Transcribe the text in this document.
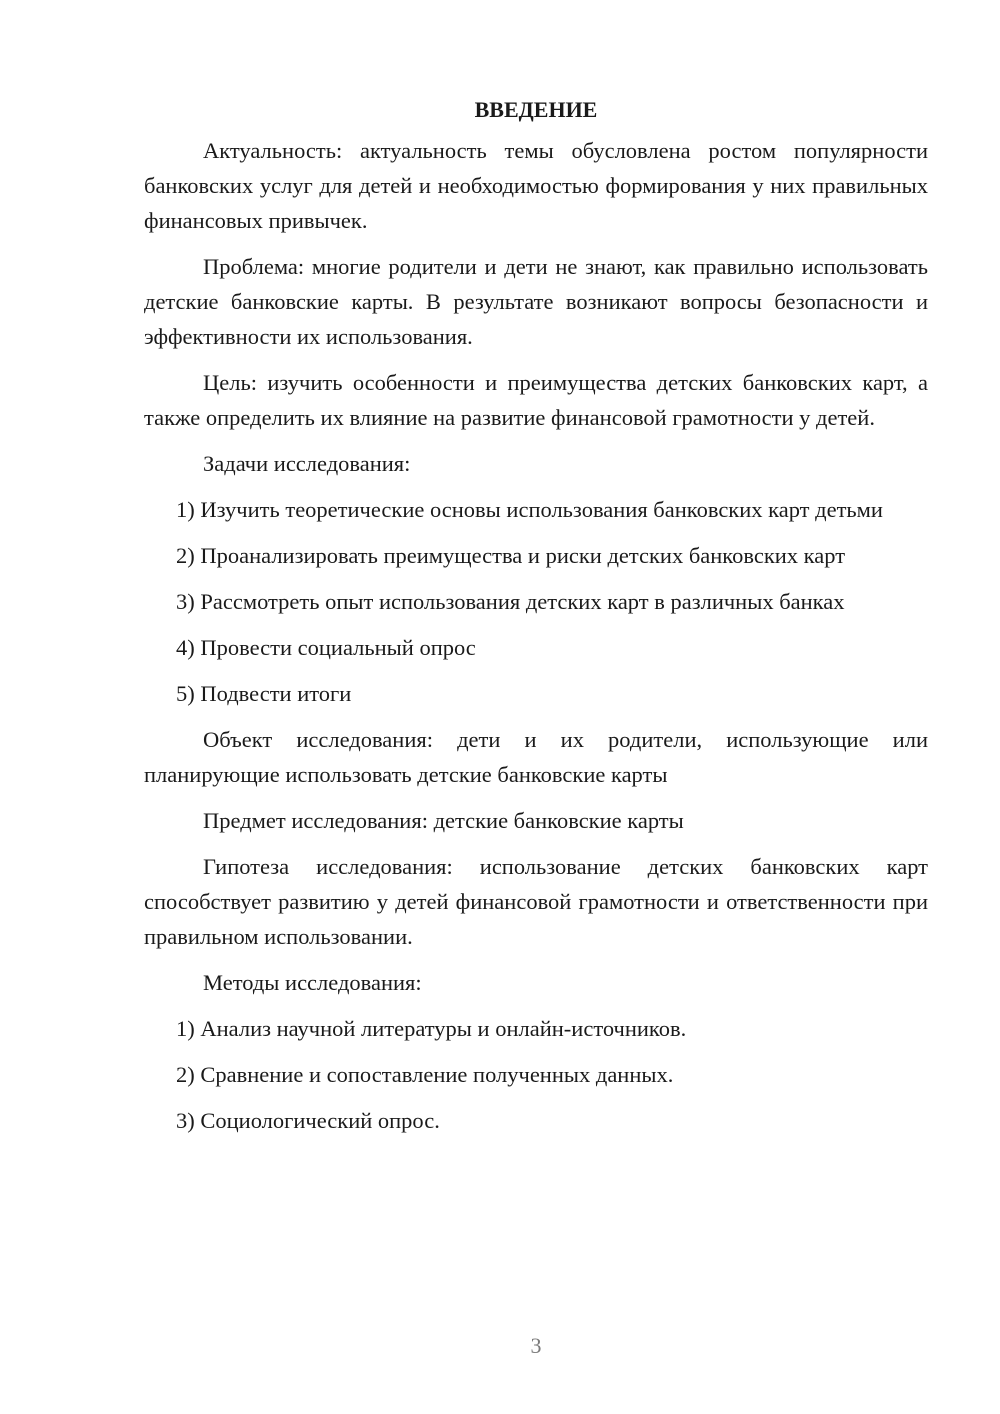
ВВЕДЕНИЕ
Актуальность: актуальность темы обусловлена ростом популярности банковских услуг для детей и необходимостью формирования у них правильных финансовых привычек.
Проблема: многие родители и дети не знают, как правильно использовать детские банковские карты. В результате возникают вопросы безопасности и эффективности их использования.
Цель: изучить особенности и преимущества детских банковских карт, а также определить их влияние на развитие финансовой грамотности у детей.
Задачи исследования:
1) Изучить теоретические основы использования банковских карт детьми
2) Проанализировать преимущества и риски детских банковских карт
3) Рассмотреть опыт использования детских карт в различных банках
4) Провести социальный опрос
5) Подвести итоги
Объект исследования: дети и их родители, использующие или планирующие использовать детские банковские карты
Предмет исследования: детские банковские карты
Гипотеза исследования: использование детских банковских карт способствует развитию у детей финансовой грамотности и ответственности при правильном использовании.
Методы исследования:
1) Анализ научной литературы и онлайн-источников.
2) Сравнение и сопоставление полученных данных.
3) Социологический опрос.
3
